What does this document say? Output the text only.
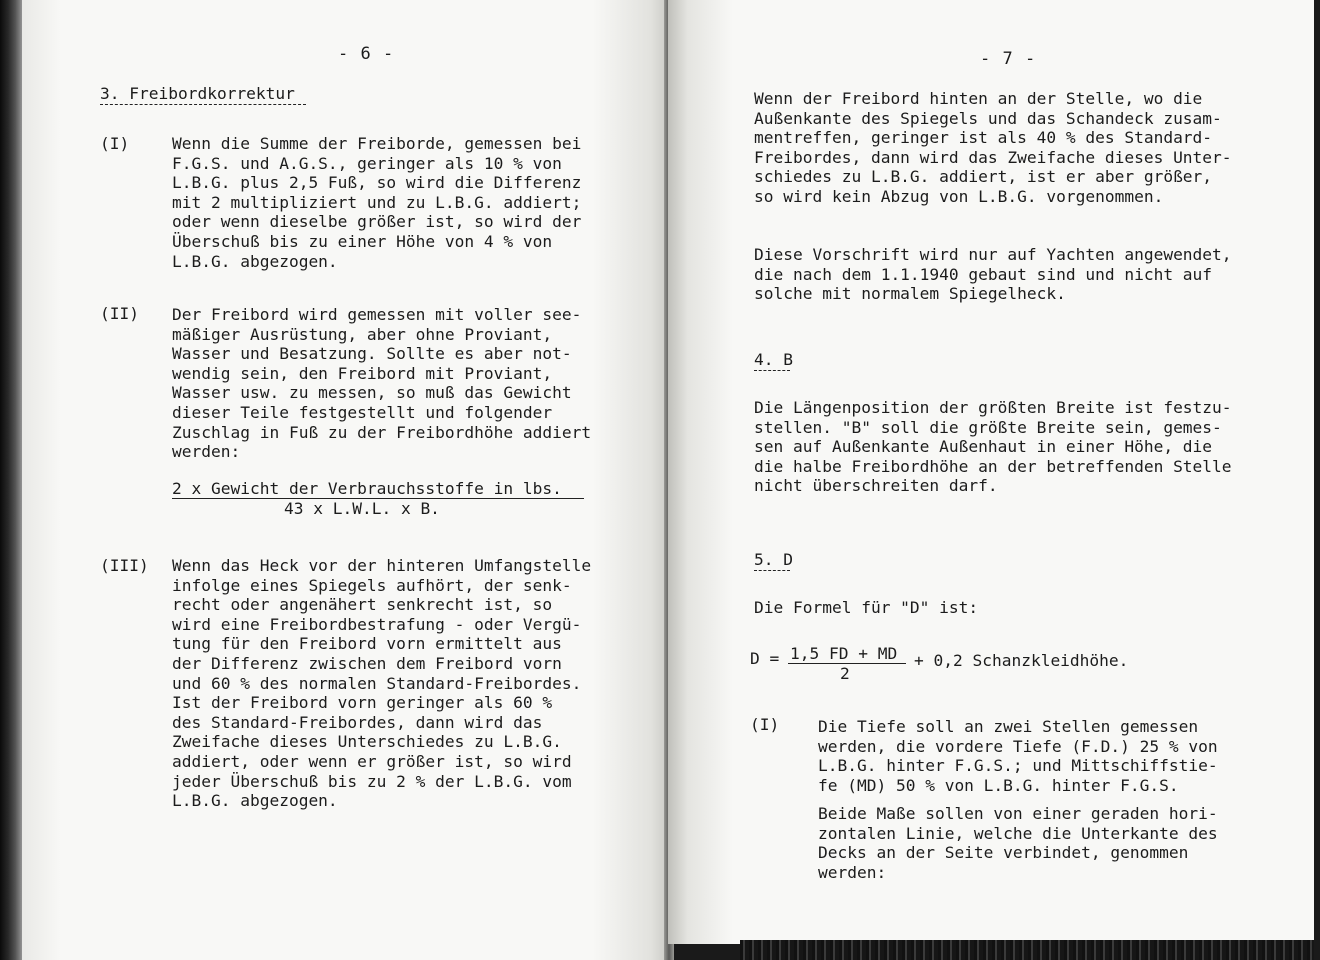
- 6 -
3. Freibordkorrektur
(I)	Wenn die Summe der Freiborde, gemessen bei
F.G.S. und A.G.S., geringer als 10 % von
L.B.G. plus 2,5 Fuß, so wird die Differenz
mit 2 multipliziert und zu L.B.G. addiert;
oder wenn dieselbe größer ist, so wird der
Überschuß bis zu einer Höhe von 4 % von
L.B.G. abgezogen.
(II) Der Freibord wird gemessen mit voller see-
mäßiger Ausrüstung, aber ohne Proviant,
Wasser und Besatzung. Sollte es aber not-
wendig sein, den Freibord mit Proviant,
Wasser usw. zu messen, so muß das Gewicht
dieser Teile festgestellt und folgender
Zuschlag in Fuß zu der Freibordhöhe addiert
werden:
2 x Gewicht der Verbrauchsstoffe in lbs.
43 x L.W.L. x B.
(III) Wenn das Heck vor der hinteren Umfangstelle
infolge eines Spiegels aufhört, der senk-
recht oder angenähert senkrecht ist, so
wird eine Freibordbestrafung - oder Vergü-
tung für den Freibord vorn ermittelt aus
der Differenz zwischen dem Freibord vorn
und 60 % des normalen Standard-Freibordes.
Ist der Freibord vorn geringer als 60 %
des Standard-Freibordes, dann wird das
Zweifache dieses Unterschiedes zu L.B.G.
addiert, oder wenn er größer ist, so wird
jeder Überschuß bis zu 2 % der L.B.G. vom
L.B.G. abgezogen.
- 7 -
Wenn der Freibord hinten an der Stelle, wo die
Außenkante des Spiegels und das Schandeck zusam-
mentreffen, geringer ist als 40 % des Standard-
Freibordes, dann wird das Zweifache dieses Unter-
schiedes zu L.B.G. addiert, ist er aber größer,
so wird kein Abzug von L.B.G. vorgenommen.
Diese Vorschrift wird nur auf Yachten angewendet,
die nach dem 1.1.1940 gebaut sind und nicht auf
solche mit normalem Spiegelheck.
4. B
Die Längenposition der größten Breite ist festzu-
stellen. "B" soll die größte Breite sein, gemes-
sen auf Außenkante Außenhaut in einer Höhe, die
die halbe Freibordhöhe an der betreffenden Stelle
nicht überschreiten darf.
5. D
Die Formel für "D" ist:
D = 1,5 FD + MD
2
+ 0,2 Schanzkleidhöhe.
(I) Die Tiefe soll an zwei Stellen gemessen
werden, die vordere Tiefe (F.D.) 25 % von
L.B.G. hinter F.G.S.; und Mittschiffstie-
fe (MD) 50 % von L.B.G. hinter F.G.S.
Beide Maße sollen von einer geraden hori-
zontalen Linie, welche die Unterkante des
Decks an der Seite verbindet, genommen
werden:
